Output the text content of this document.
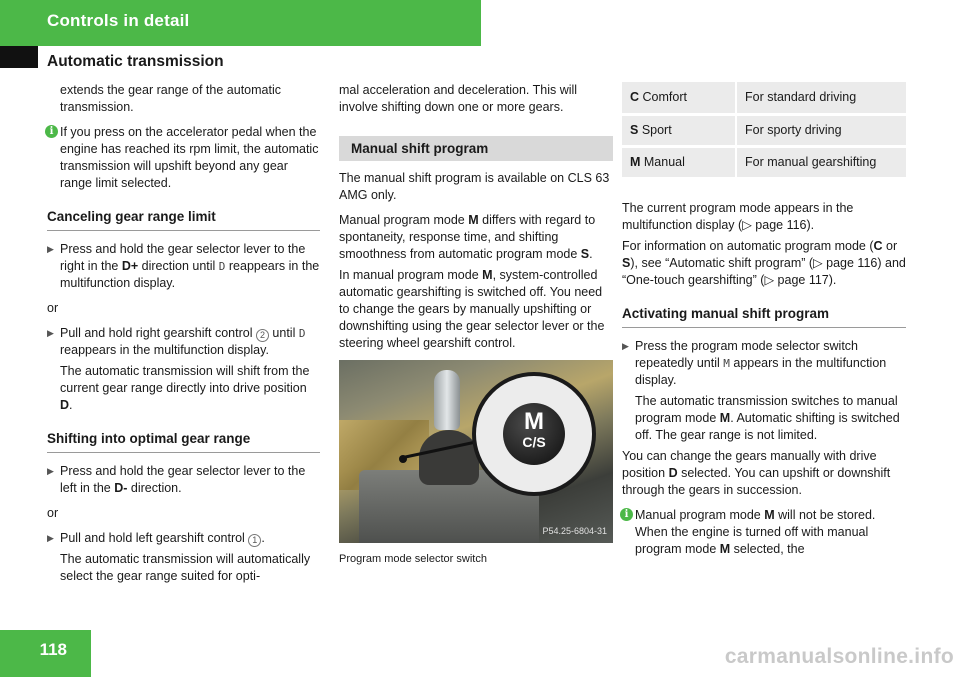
Controls in detail
Automatic transmission

extends the gear range of the automatic transmission.

i If you press on the accelerator pedal when the engine has reached its rpm limit, the automatic transmission will upshift beyond any gear range limit selected.

Canceling gear range limit

▶ Press and hold the gear selector lever to the right in the D+ direction until D reappears in the multifunction display.

or

▶ Pull and hold right gearshift control 2 until D reappears in the multifunction display.

The automatic transmission will shift from the current gear range directly into drive position D.

Shifting into optimal gear range

▶ Press and hold the gear selector lever to the left in the D- direction.

or

▶ Pull and hold left gearshift control 1 .

The automatic transmission will automatically select the gear range suited for opti-

mal acceleration and deceleration. This will involve shifting down one or more gears.

Manual shift program

The manual shift program is available on CLS 63 AMG only.

Manual program mode M differs with regard to spontaneity, response time, and shifting smoothness from automatic program mode S.

In manual program mode M, system-controlled automatic gearshifting is switched off. You need to change the gears by manually upshifting or downshifting using the gear selector lever or the steering wheel gearshift control.

M
C/S
P54.25-6804-31
Program mode selector switch
C Comfort	For standard driving
S Sport	For sporty driving
M Manual	For manual gearshifting

The current program mode appears in the multifunction display (▷ page 116).

For information on automatic program mode (C or S), see “Automatic shift program” (▷ page 116) and “One-touch gearshifting” (▷ page 117).

Activating manual shift program

▶ Press the program mode selector switch repeatedly until M appears in the multifunction display.

The automatic transmission switches to manual program mode M. Automatic shifting is switched off. The gear range is not limited.

You can change the gears manually with drive position D selected. You can upshift or downshift through the gears in succession.

i Manual program mode M will not be stored. When the engine is turned off with manual program mode M selected, the

118	carmanualsonline.info
